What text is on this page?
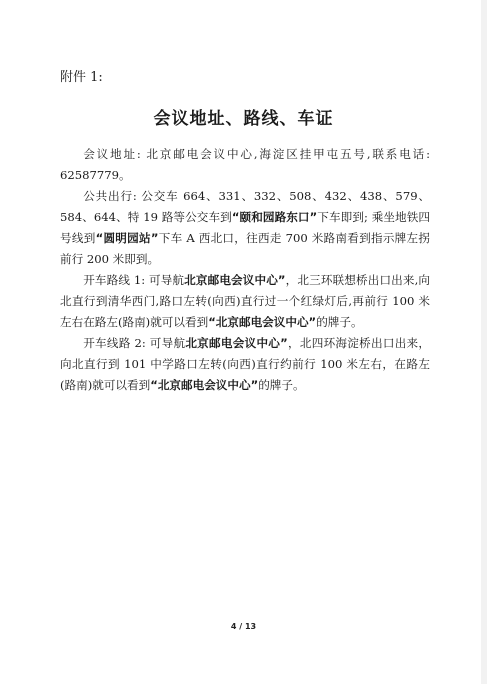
附件 1:
会议地址、路线、车证

会议地址: 北京邮电会议中心,海淀区挂甲屯五号,联系电话: 62587779。

公共出行: 公交车 664、331、332、508、432、438、579、584、644、特 19 路等公交车到“颐和园路东口”下车即到; 乘坐地铁四号线到“圆明园站”下车 A 西北口，往西走 700 米路南看到指示牌左拐前行 200 米即到。

开车路线 1: 可导航北京邮电会议中心”，北三环联想桥出口出来,向北直行到清华西门,路口左转(向西)直行过一个红绿灯后,再前行 100 米左右在路左(路南)就可以看到“北京邮电会议中心”的牌子。

开车线路 2: 可导航北京邮电会议中心”，北四环海淀桥出口出来，向北直行到 101 中学路口左转(向西)直行约前行 100 米左右，在路左(路南)就可以看到“北京邮电会议中心”的牌子。

4 / 13
